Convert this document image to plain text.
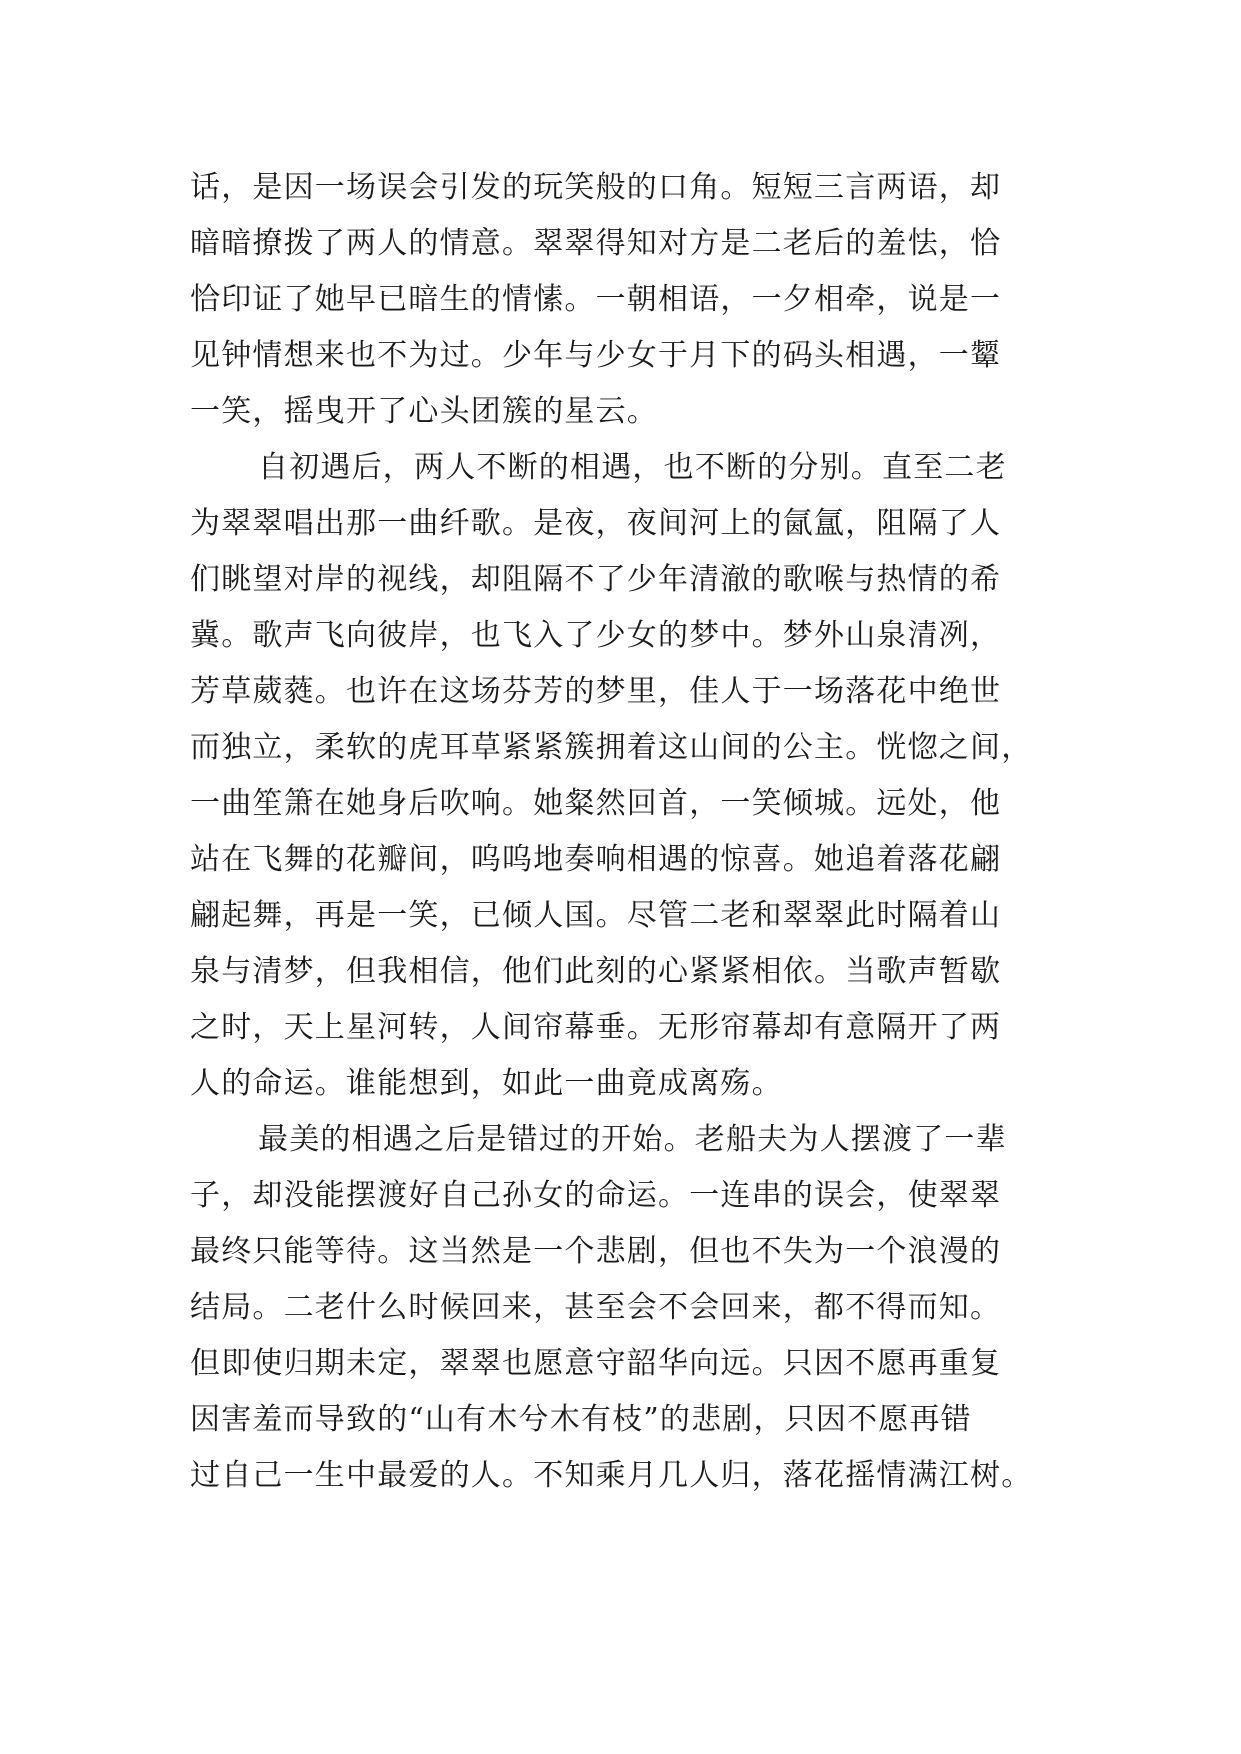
话，是因一场误会引发的玩笑般的口角。短短三言两语，却
暗暗撩拨了两人的情意。翠翠得知对方是二老后的羞怯，恰
恰印证了她早已暗生的情愫。一朝相语，一夕相牵，说是一
见钟情想来也不为过。少年与少女于月下的码头相遇，一颦
一笑，摇曳开了心头团簇的星云。
自初遇后，两人不断的相遇，也不断的分别。直至二老
为翠翠唱出那一曲纤歌。是夜，夜间河上的氤氲，阻隔了人
们眺望对岸的视线，却阻隔不了少年清澈的歌喉与热情的希
冀。歌声飞向彼岸，也飞入了少女的梦中。梦外山泉清冽，
芳草葳蕤。也许在这场芬芳的梦里，佳人于一场落花中绝世
而独立，柔软的虎耳草紧紧簇拥着这山间的公主。恍惚之间，
一曲笙箫在她身后吹响。她粲然回首，一笑倾城。远处，他
站在飞舞的花瓣间，呜呜地奏响相遇的惊喜。她追着落花翩
翩起舞，再是一笑，已倾人国。尽管二老和翠翠此时隔着山
泉与清梦，但我相信，他们此刻的心紧紧相依。当歌声暂歇
之时，天上星河转，人间帘幕垂。无形帘幕却有意隔开了两
人的命运。谁能想到，如此一曲竟成离殇。
最美的相遇之后是错过的开始。老船夫为人摆渡了一辈
子，却没能摆渡好自己孙女的命运。一连串的误会，使翠翠
最终只能等待。这当然是一个悲剧，但也不失为一个浪漫的
结局。二老什么时候回来，甚至会不会回来，都不得而知。
但即使归期未定，翠翠也愿意守韶华向远。只因不愿再重复
因害羞而导致的“山有木兮木有枝”的悲剧，只因不愿再错
过自己一生中最爱的人。不知乘月几人归，落花摇情满江树。
